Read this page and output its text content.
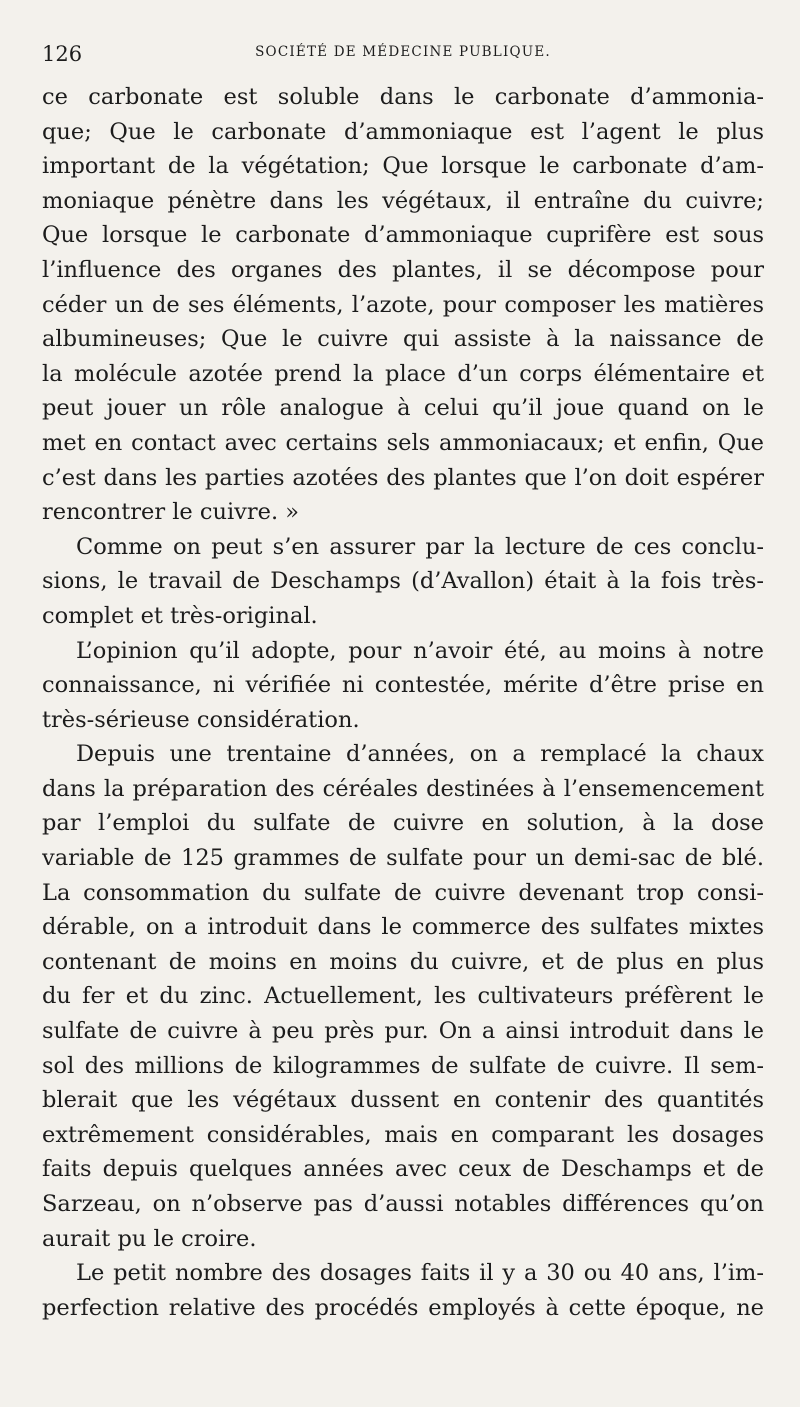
126	SOCIÉTÉ DE MÉDECINE PUBLIQUE.
ce carbonate est soluble dans le carbonate d’ammonia-
que; Que le carbonate d’ammoniaque est l’agent le plus
important de la végétation; Que lorsque le carbonate d’am-
moniaque pénètre dans les végétaux, il entraîne du cuivre;
Que lorsque le carbonate d’ammoniaque cuprifère est sous
l’influence des organes des plantes, il se décompose pour
céder un de ses éléments, l’azote, pour composer les matières
albumineuses; Que le cuivre qui assiste à la naissance de
la molécule azotée prend la place d’un corps élémentaire et
peut jouer un rôle analogue à celui qu’il joue quand on le
met en contact avec certains sels ammoniacaux; et enfin, Que
c’est dans les parties azotées des plantes que l’on doit espérer
rencontrer le cuivre. »
Comme on peut s’en assurer par la lecture de ces conclu-
sions, le travail de Deschamps (d’Avallon) était à la fois très-
complet et très-original.
L’opinion qu’il adopte, pour n’avoir été, au moins à notre
connaissance, ni vérifiée ni contestée, mérite d’être prise en
très-sérieuse considération.
Depuis une trentaine d’années, on a remplacé la chaux
dans la préparation des céréales destinées à l’ensemencement
par l’emploi du sulfate de cuivre en solution, à la dose
variable de 125 grammes de sulfate pour un demi-sac de blé.
La consommation du sulfate de cuivre devenant trop consi-
dérable, on a introduit dans le commerce des sulfates mixtes
contenant de moins en moins du cuivre, et de plus en plus
du fer et du zinc. Actuellement, les cultivateurs préfèrent le
sulfate de cuivre à peu près pur. On a ainsi introduit dans le
sol des millions de kilogrammes de sulfate de cuivre. Il sem-
blerait que les végétaux dussent en contenir des quantités
extrêmement considérables, mais en comparant les dosages
faits depuis quelques années avec ceux de Deschamps et de
Sarzeau, on n’observe pas d’aussi notables différences qu’on
aurait pu le croire.
Le petit nombre des dosages faits il y a 30 ou 40 ans, l’im-
perfection relative des procédés employés à cette époque, ne
